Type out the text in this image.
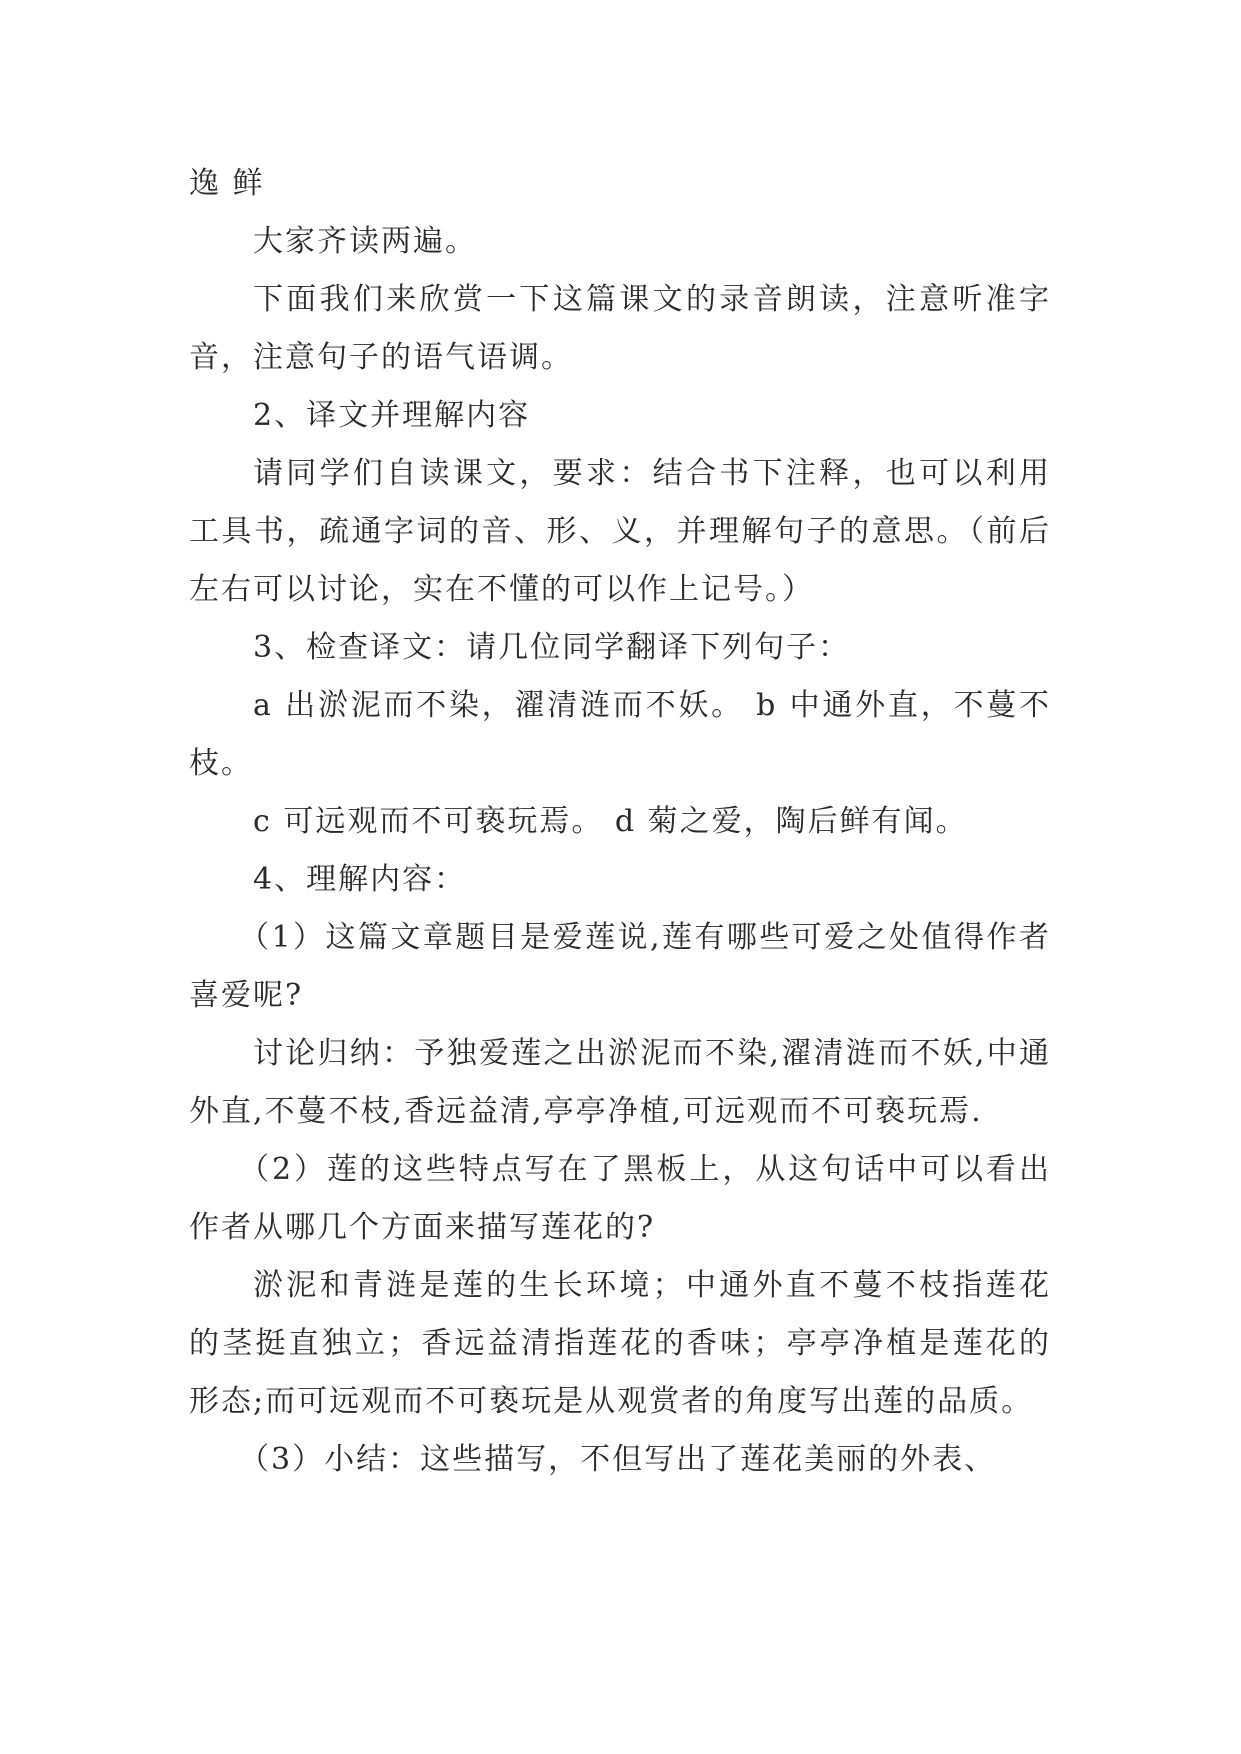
逸 鲜

大家齐读两遍。

下面我们来欣赏一下这篇课文的录音朗读，注意听准字音，注意句子的语气语调。

2、译文并理解内容

请同学们自读课文，要求：结合书下注释，也可以利用工具书，疏通字词的音、形、义，并理解句子的意思。（前后左右可以讨论，实在不懂的可以作上记号。）

3、检查译文：请几位同学翻译下列句子：

a 出淤泥而不染，濯清涟而不妖。 b 中通外直，不蔓不枝。

c 可远观而不可亵玩焉。 d 菊之爱，陶后鲜有闻。

4、理解内容：

（1）这篇文章题目是爱莲说,莲有哪些可爱之处值得作者喜爱呢?

讨论归纳：予独爱莲之出淤泥而不染,濯清涟而不妖,中通外直,不蔓不枝,香远益清,亭亭净植,可远观而不可亵玩焉.

（2）莲的这些特点写在了黑板上，从这句话中可以看出作者从哪几个方面来描写莲花的?

淤泥和青涟是莲的生长环境；中通外直不蔓不枝指莲花的茎挺直独立；香远益清指莲花的香味；亭亭净植是莲花的形态;而可远观而不可亵玩是从观赏者的角度写出莲的品质。

（3）小结：这些描写，不但写出了莲花美丽的外表、
